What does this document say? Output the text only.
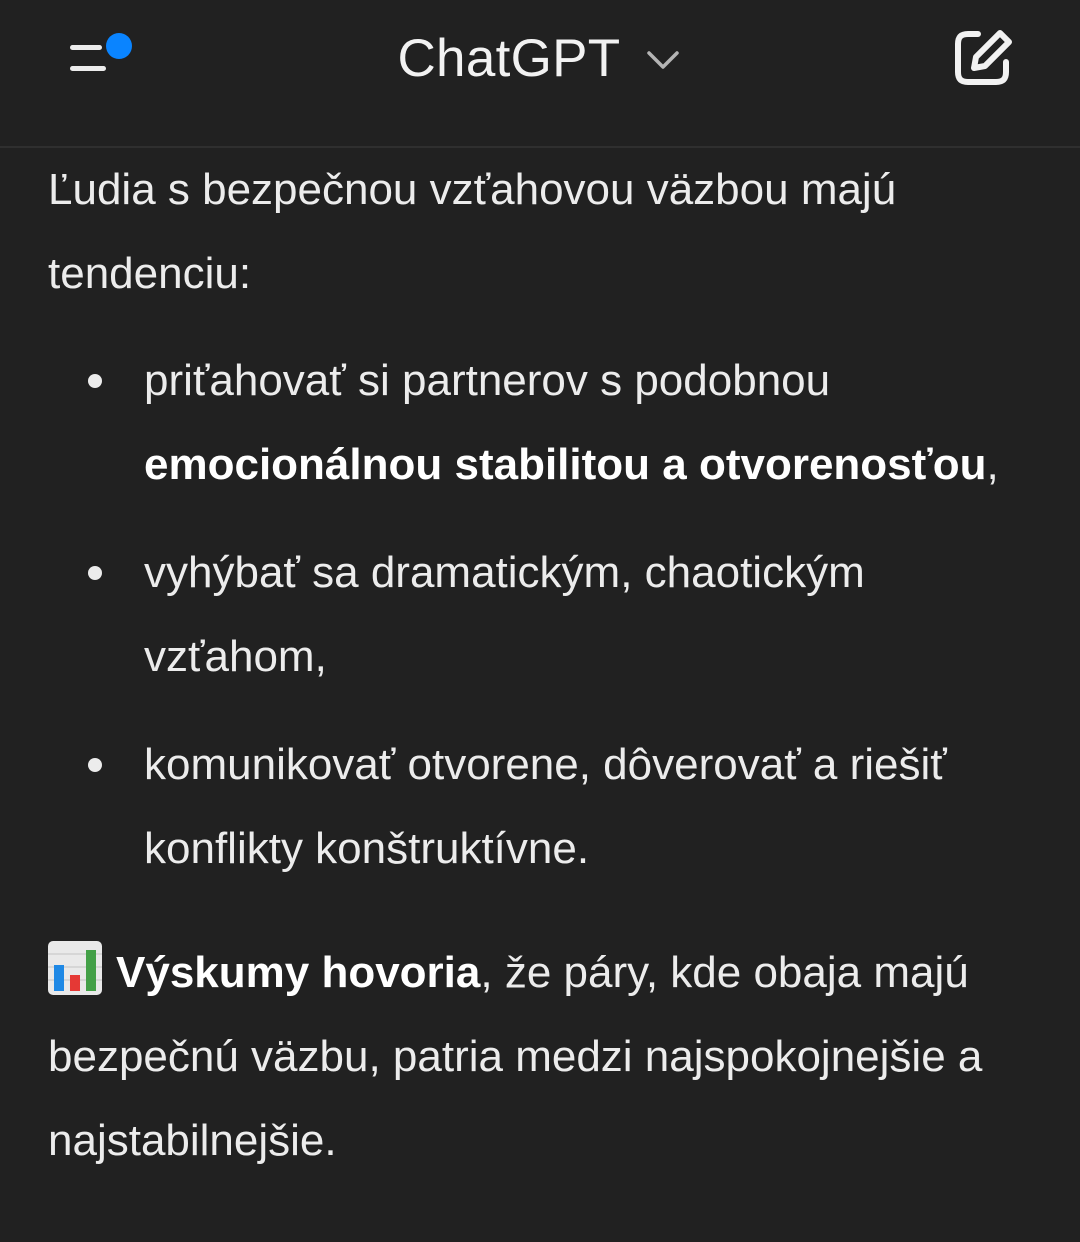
ChatGPT

Ľudia s bezpečnou vzťahovou väzbou majú tendenciu:

priťahovať si partnerov s podobnou emocionálnou stabilitou a otvorenosťou,
vyhýbať sa dramatickým, chaotickým vzťahom,
komunikovať otvorene, dôverovať a riešiť konflikty konštruktívne.

Výskumy hovoria, že páry, kde obaja majú bezpečnú väzbu, patria medzi najspokojnejšie a najstabilnejšie.
